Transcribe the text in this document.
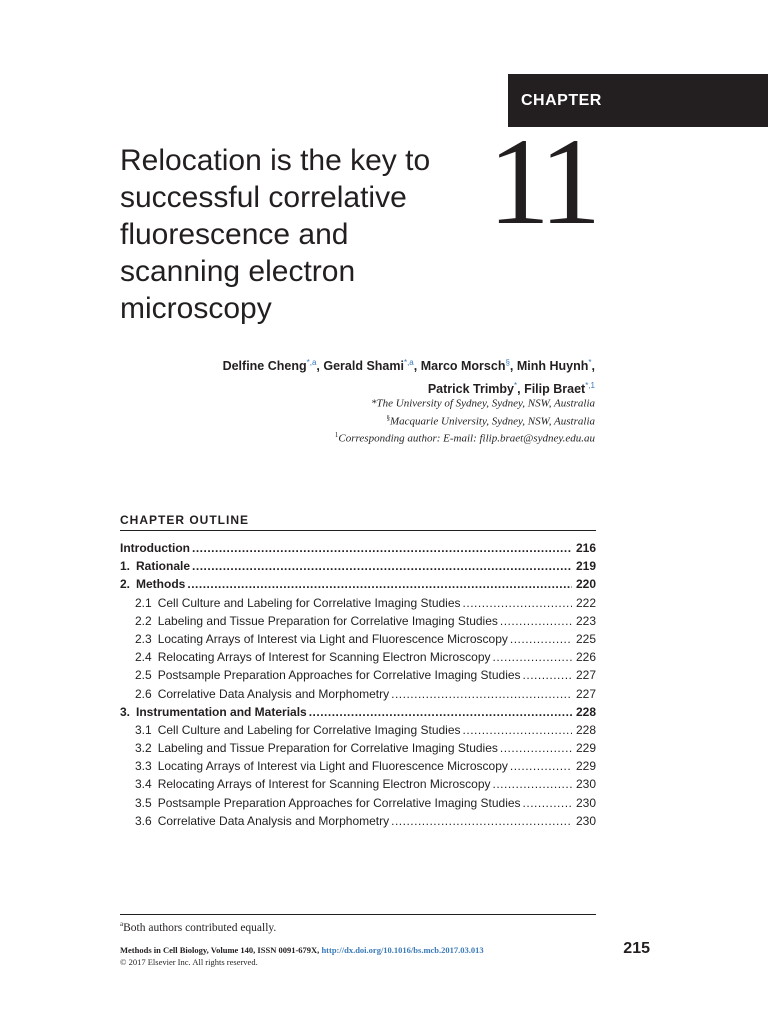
CHAPTER
11
Relocation is the key to
successful correlative
fluorescence and
scanning electron
microscopy
Delfine Cheng$^{*,a}$, Gerald Shami$^{*,a}$, Marco Morsch§, Minh Huynh*,
Patrick Trimby*, Filip Braet$^{*,1}$
*The University of Sydney, Sydney, NSW, Australia
§Macquarie University, Sydney, NSW, Australia
$^1$Corresponding author: E-mail: filip.braet@sydney.edu.au
CHAPTER OUTLINE
Introduction .....	216
1. Rationale .....	219
2. Methods .....	220
2.1 Cell Culture and Labeling for Correlative Imaging Studies .....	222
2.2 Labeling and Tissue Preparation for Correlative Imaging Studies .....	223
2.3 Locating Arrays of Interest via Light and Fluorescence Microscopy .....	225
2.4 Relocating Arrays of Interest for Scanning Electron Microscopy .....	226
2.5 Postsample Preparation Approaches for Correlative Imaging Studies .....	227
2.6 Correlative Data Analysis and Morphometry .....	227
3. Instrumentation and Materials .....	228
3.1 Cell Culture and Labeling for Correlative Imaging Studies .....	228
3.2 Labeling and Tissue Preparation for Correlative Imaging Studies .....	229
3.3 Locating Arrays of Interest via Light and Fluorescence Microscopy .....	229
3.4 Relocating Arrays of Interest for Scanning Electron Microscopy .....	230
3.5 Postsample Preparation Approaches for Correlative Imaging Studies .....	230
3.6 Correlative Data Analysis and Morphometry .....	230
$^a$Both authors contributed equally.
Methods in Cell Biology, Volume 140, ISSN 0091-679X, http://dx.doi.org/10.1016/bs.mcb.2017.03.013
© 2017 Elsevier Inc. All rights reserved.
215
